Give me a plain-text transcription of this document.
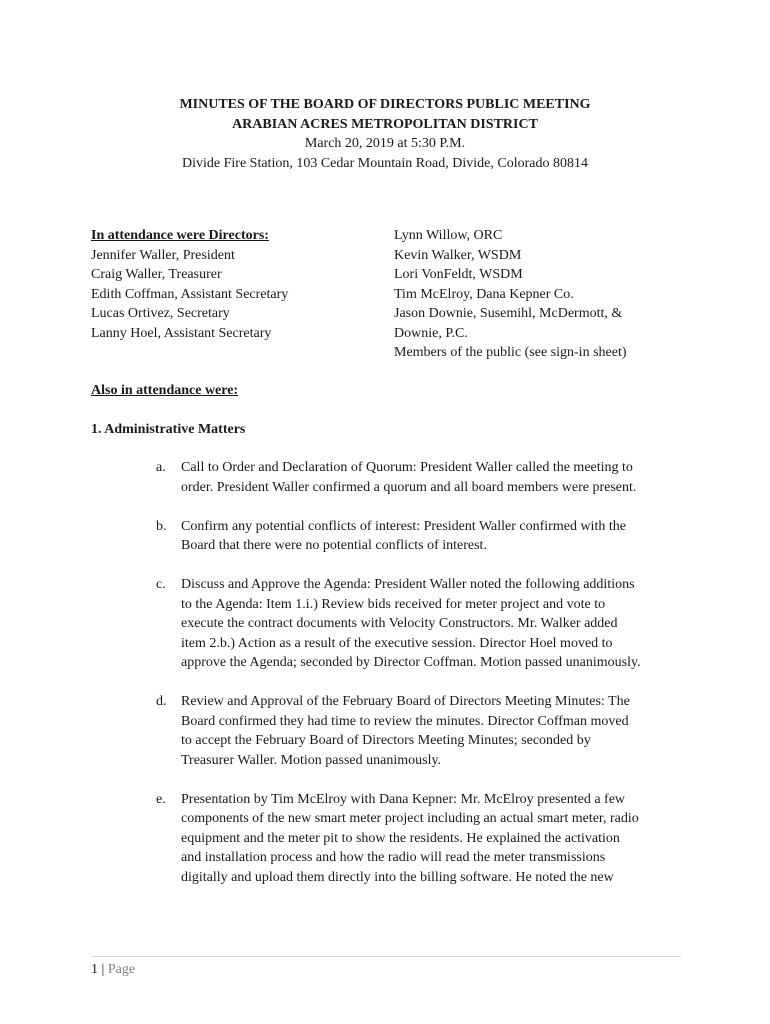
MINUTES OF THE BOARD OF DIRECTORS PUBLIC MEETING
ARABIAN ACRES METROPOLITAN DISTRICT
March 20, 2019 at 5:30 P.M.
Divide Fire Station, 103 Cedar Mountain Road, Divide, Colorado 80814
In attendance were Directors:
Jennifer Waller, President
Craig Waller, Treasurer
Edith Coffman, Assistant Secretary
Lucas Ortivez, Secretary
Lanny Hoel, Assistant Secretary
Lynn Willow, ORC
Kevin Walker, WSDM
Lori VonFeldt, WSDM
Tim McElroy, Dana Kepner Co.
Jason Downie, Susemihl, McDermott, &
Downie, P.C.
Members of the public (see sign-in sheet)
Also in attendance were:
1. Administrative Matters
a.	Call to Order and Declaration of Quorum: President Waller called the meeting to
order. President Waller confirmed a quorum and all board members were present.
b.	Confirm any potential conflicts of interest: President Waller confirmed with the
Board that there were no potential conflicts of interest.
c.	Discuss and Approve the Agenda: President Waller noted the following additions
to the Agenda: Item 1.i.) Review bids received for meter project and vote to
execute the contract documents with Velocity Constructors. Mr. Walker added
item 2.b.) Action as a result of the executive session. Director Hoel moved to
approve the Agenda; seconded by Director Coffman. Motion passed unanimously.
d.	Review and Approval of the February Board of Directors Meeting Minutes: The
Board confirmed they had time to review the minutes. Director Coffman moved
to accept the February Board of Directors Meeting Minutes; seconded by
Treasurer Waller. Motion passed unanimously.
e.	Presentation by Tim McElroy with Dana Kepner: Mr. McElroy presented a few
components of the new smart meter project including an actual smart meter, radio
equipment and the meter pit to show the residents. He explained the activation
and installation process and how the radio will read the meter transmissions
digitally and upload them directly into the billing software. He noted the new
1 | Page
